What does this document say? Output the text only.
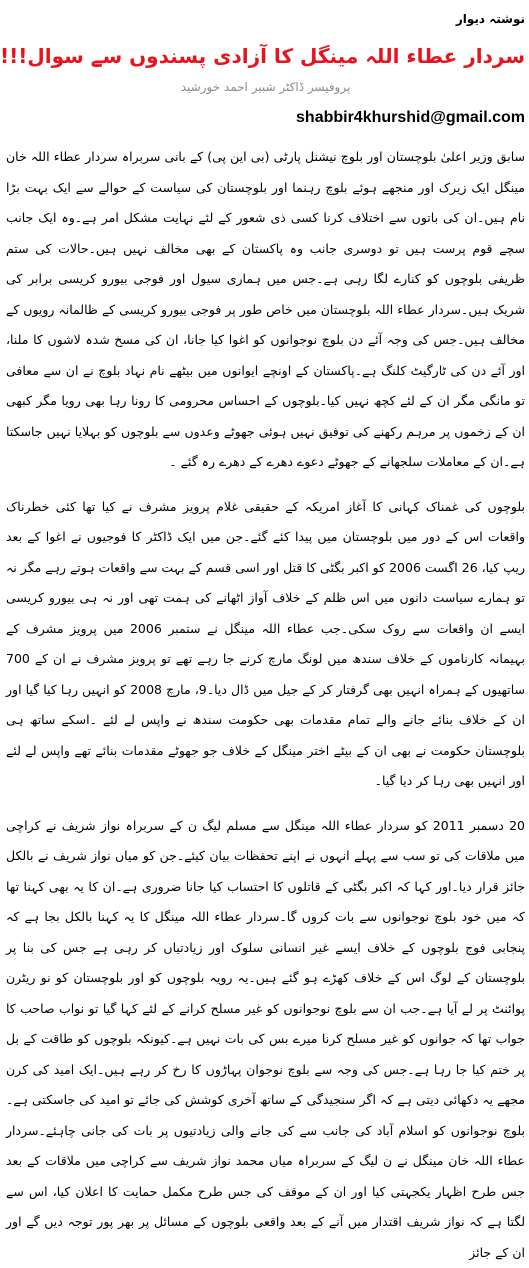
نوشتہ دیوار
سردار عطاء اللہ مینگل کا آزادی پسندوں سے سوال!!!
پروفیسر ڈاکٹر شبیر احمد خورشید
shabbir4khurshid@gmail.com

سابق وزیر اعلیٰ بلوچستان اور بلوچ نیشنل پارٹی (بی این پی) کے بانی سربراہ سردار عطاء اللہ خان مینگل ایک زیرک اور منجھے ہوئے بلوچ رہنما اور بلوچستان کی سیاست کے حوالے سے ایک بہت بڑا نام ہیں۔ان کی باتوں سے اختلاف کرنا کسی ذی شعور کے لئے نہایت مشکل امر ہے۔وہ ایک جانب سچے قوم پرست ہیں تو دوسری جانب وہ پاکستان کے بھی مخالف نہیں ہیں۔حالات کی ستم ظریفی بلوچوں کو کنارے لگا رہی ہے۔جس میں ہماری سیول اور فوجی بیورو کریسی برابر کی شریک ہیں۔سردار عطاء اللہ بلوچستان میں خاص طور پر فوجی بیورو کریسی کے ظالمانہ رویوں کے مخالف ہیں۔جس کی وجہ آئے دن بلوچ نوجوانوں کو اغوا کیا جانا، ان کی مسخ شدہ لاشوں کا ملنا، اور آئے دن کی ٹارگیٹ کلنگ ہے۔پاکستان کے اونچے ایوانوں میں بیٹھے نام نہاد بلوچ نے ان سے معافی تو مانگی مگر ان کے لئے کچھ نہیں کیا۔بلوچوں کے احساس محرومی کا رونا رہا بھی رویا مگر کبھی ان کے زخموں پر مرہم رکھنے کی توفیق نہیں ہوئی جھوٹے وعدوں سے بلوچوں کو بہلایا نہیں جاسکتا ہے۔ان کے معاملات سلجھانے کے جھوٹے دعوے دھرے کے دھرے رہ گئے ۔

بلوچوں کی غمناک کہانی کا آغاز امریکہ کے حقیقی غلام پرویز مشرف نے کیا تھا کئی خطرناک واقعات اس کے دور میں بلوچستان میں پیدا کئے گئے۔جن میں ایک ڈاکٹر کا فوجیوں نے اغوا کے بعد ریپ کیا، 26 اگست 2006 کو اکبر بگٹی کا قتل اور اسی قسم کے بہت سے واقعات ہوتے رہے مگر نہ تو ہمارے سیاست دانوں میں اس ظلم کے خلاف آواز اٹھانے کی ہمت تھی اور نہ ہی بیورو کریسی ایسے ان واقعات سے روک سکی۔جب عطاء اللہ مینگل نے ستمبر 2006 میں پرویز مشرف کے بہیمانہ کارناموں کے خلاف سندھ میں لونگ مارچ کرنے جا رہے تھے تو پرویز مشرف نے ان کے 700 ساتھیوں کے ہمراہ انہیں بھی گرفتار کر کے جیل میں ڈال دیا۔9، مارچ 2008 کو انہیں رہا کیا گیا اور ان کے خلاف بنائے جانے والے تمام مقدمات بھی حکومت سندھ نے واپس لے لئے ۔اسکے ساتھ ہی بلوچستان حکومت نے بھی ان کے بیٹے اختر مینگل کے خلاف جو جھوٹے مقدمات بنائے تھے واپس لے لئے اور انہیں بھی رہا کر دیا گیا۔

20 دسمبر 2011 کو سردار عطاء اللہ مینگل سے مسلم لیگ ن کے سربراہ نواز شریف نے کراچی میں ملاقات کی تو سب سے پہلے انہوں نے اپنے تحفظات بیان کیئے۔جن کو میاں نواز شریف نے بالکل جائز قرار دیا۔اور کہا کہ اکبر بگٹی کے قاتلوں کا احتساب کیا جانا ضروری ہے۔ان کا یہ بھی کہنا تھا کہ میں خود بلوچ نوجوانوں سے بات کروں گا۔سردار عطاء اللہ مینگل کا یہ کہنا بالکل بجا ہے کہ پنجابی فوج بلوچوں کے خلاف ایسے غیر انسانی سلوک اور زیادتیاں کر رہی ہے جس کی بنا پر بلوچستان کے لوگ اس کے خلاف کھڑے ہو گئے ہیں۔یہ رویہ بلوچوں کو اور بلوچستان کو نو ریٹرن پوائنٹ پر لے آیا ہے۔جب ان سے بلوچ نوجوانوں کو غیر مسلح کرانے کے لئے کہا گیا تو نواب صاحب کا جواب تھا کہ جوانوں کو غیر مسلح کرنا میرے بس کی بات نہیں ہے۔کیونکہ بلوچوں کو طاقت کے بل پر ختم کیا جا رہا ہے۔جس کی وجہ سے بلوچ نوجوان پہاڑوں کا رخ کر رہے ہیں۔ایک امید کی کرن مجھے یہ دکھائی دیتی ہے کہ اگر سنجیدگی کے ساتھ آخری کوشش کی جائے تو امید کی جاسکتی ہے۔بلوچ نوجوانوں کو اسلام آباد کی جانب سے کی جانے والی زیادتیوں پر بات کی جانی چاہئے۔سردار عطاء اللہ خان مینگل نے ن لیگ کے سربراہ میاں محمد نواز شریف سے کراچی میں ملاقات کے بعد جس طرح اظہار یکجہتی کیا اور ان کے موقف کی جس طرح مکمل حمایت کا اعلان کیا، اس سے لگتا ہے کہ نواز شریف اقتدار میں آنے کے بعد واقعی بلوچوں کے مسائل پر بھر پور توجہ دیں گے اور ان کے جائز
